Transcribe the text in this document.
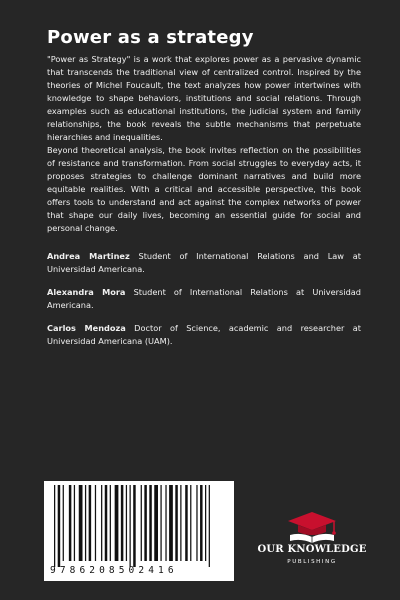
Power as a strategy

"Power as Strategy" is a work that explores power as a pervasive dynamic that transcends the traditional view of centralized control. Inspired by the theories of Michel Foucault, the text analyzes how power intertwines with knowledge to shape behaviors, institutions and social relations. Through examples such as educational institutions, the judicial system and family relationships, the book reveals the subtle mechanisms that perpetuate hierarchies and inequalities.

Beyond theoretical analysis, the book invites reflection on the possibilities of resistance and transformation. From social struggles to everyday acts, it proposes strategies to challenge dominant narratives and build more equitable realities. With a critical and accessible perspective, this book offers tools to understand and act against the complex networks of power that shape our daily lives, becoming an essential guide for social and personal change.

Andrea Martinez Student of International Relations and Law at Universidad Americana.
Alexandra Mora Student of International Relations at Universidad Americana.
Carlos Mendoza Doctor of Science, academic and researcher at Universidad Americana (UAM).
9786208502416
OUR KNOWLEDGE
PUBLISHING
